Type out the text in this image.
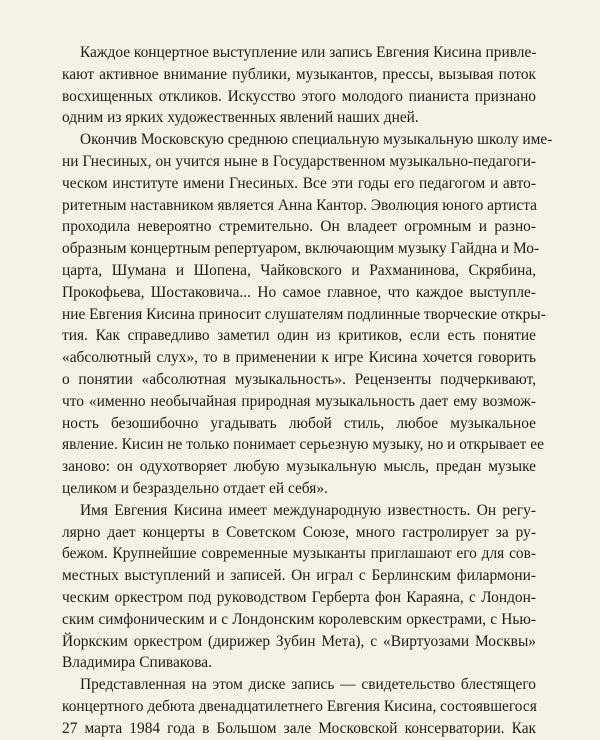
Каждое концертное выступление или запись Евгения Кисина привле-
кают активное внимание публики, музыкантов, прессы, вызывая поток
восхищенных откликов. Искусство этого молодого пианиста признано
одним из ярких художественных явлений наших дней.
Окончив Московскую среднюю специальную музыкальную школу име-
ни Гнесиных, он учится ныне в Государственном музыкально-педагоги-
ческом институте имени Гнесиных. Все эти годы его педагогом и авто-
ритетным наставником является Анна Кантор. Эволюция юного артиста
проходила невероятно стремительно. Он владеет огромным и разно-
образным концертным репертуаром, включающим музыку Гайдна и Мо-
царта, Шумана и Шопена, Чайковского и Рахманинова, Скрябина,
Прокофьева, Шостаковича... Но самое главное, что каждое выступле-
ние Евгения Кисина приносит слушателям подлинные творческие откры-
тия. Как справедливо заметил один из критиков, если есть понятие
«абсолютный слух», то в применении к игре Кисина хочется говорить
о понятии «абсолютная музыкальность». Рецензенты подчеркивают,
что «именно необычайная природная музыкальность дает ему возмож-
ность безошибочно угадывать любой стиль, любое музыкальное
явление. Кисин не только понимает серьезную музыку, но и открывает ее
заново: он одухотворяет любую музыкальную мысль, предан музыке
целиком и безраздельно отдает ей себя».
Имя Евгения Кисина имеет международную известность. Он регу-
лярно дает концерты в Советском Союзе, много гастролирует за ру-
бежом. Крупнейшие современные музыканты приглашают его для сов-
местных выступлений и записей. Он играл с Берлинским филармони-
ческим оркестром под руководством Герберта фон Караяна, с Лондон-
ским симфоническим и с Лондонским королевским оркестрами, с Нью-
Йоркским оркестром (дирижер Зубин Мета), с «Виртуозами Москвы»
Владимира Спивакова.
Представленная на этом диске запись — свидетельство блестящего
концертного дебюта двенадцатилетнего Евгения Кисина, состоявшегося
27 марта 1984 года в Большом зале Московской консерватории. Как
